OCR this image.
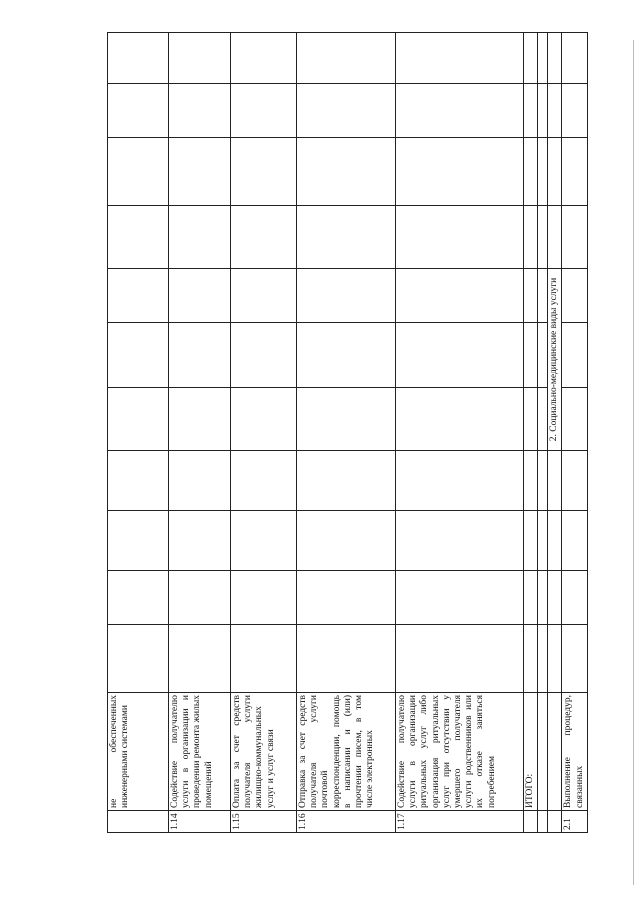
	не обеспеченных инженерными системами											
1.14	Содействие получателю услуги в организации и проведении ремонта жилых помещений											
1.15	Оплата за счет средств получателя услуги жилищно-коммунальных услуг и услуг связи											
1.16	Отправка за счет средств получателя услуги почтовой корреспонденции, помощь в написании и (или) прочтении писем, в том числе электронных											
1.17	Содействие получателю услуги в организации ритуальных услуг либо организация ритуальных услуг при отсутствии у умершего получателя услуги родственников или их отказе заняться погребением											
	ИТОГО:											

						2. Социально-медицинские виды услуги						
2.1	Выполнение процедур, связанных											
